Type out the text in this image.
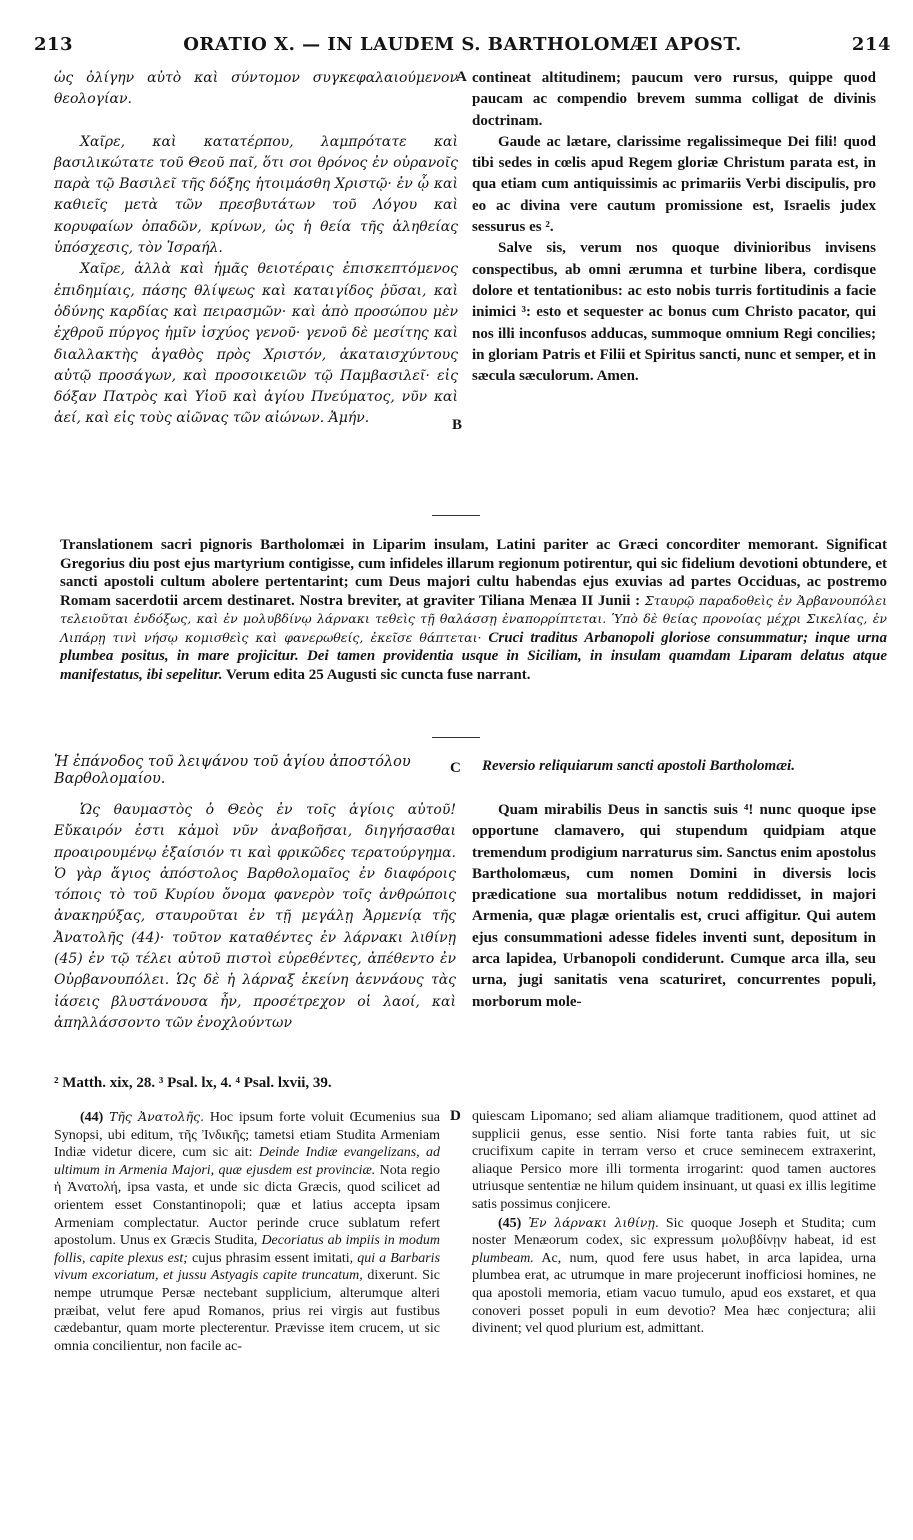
213	ORATIO X. — IN LAUDEM S. BARTHOLOMÆI APOST.	214

ὡς ὀλίγην αὐτὸ καὶ σύντομον συγκεφαλαιούμενον θεολογίαν.

Χαῖρε, καὶ κατατέρπου, λαμπρότατε καὶ βασιλικώτατε τοῦ Θεοῦ παῖ, ὅτι σοι θρόνος ἐν οὐρανοῖς παρὰ τῷ Βασιλεῖ τῆς δόξης ἡτοιμάσθη Χριστῷ· ἐν ᾧ καὶ καθιεῖς μετὰ τῶν πρεσβυτάτων τοῦ Λόγου καὶ κορυφαίων ὀπαδῶν, κρίνων, ὡς ἡ θεία τῆς ἀληθείας ὑπόσχεσις, τὸν Ἰσραήλ.

Χαῖρε, ἀλλὰ καὶ ἡμᾶς θειοτέραις ἐπισκεπτόμενος ἐπιδημίαις, πάσης θλίψεως καὶ καταιγίδος ῥῦσαι, καὶ ὀδύνης καρδίας καὶ πειρασμῶν· καὶ ἀπὸ προσώπου μὲν ἐχθροῦ πύργος ἡμῖν ἰσχύος γενοῦ· γενοῦ δὲ μεσίτης καὶ διαλλακτὴς ἀγαθὸς πρὸς Χριστόν, ἀκαταισχύντους αὐτῷ προσάγων, καὶ προσοικειῶν τῷ Παμβασιλεῖ· εἰς δόξαν Πατρὸς καὶ Υἱοῦ καὶ ἁγίου Πνεύματος, νῦν καὶ ἀεί, καὶ εἰς τοὺς αἰῶνας τῶν αἰώνων. Ἀμήν.

A
B

contineat altitudinem; paucum vero rursus, quippe quod paucam ac compendio brevem summa colligat de divinis doctrinam.

Gaude ac lætare, clarissime regalissimeque Dei fili! quod tibi sedes in cœlis apud Regem gloriæ Christum parata est, in qua etiam cum antiquissimis ac primariis Verbi discipulis, pro eo ac divina vere cautum promissione est, Israelis judex sessurus es ².

Salve sis, verum nos quoque divinioribus invisens conspectibus, ab omni ærumna et turbine libera, cordisque dolore et tentationibus: ac esto nobis turris fortitudinis a facie inimici ³: esto et sequester ac bonus cum Christo pacator, qui nos illi inconfusos adducas, summoque omnium Regi concilies; in gloriam Patris et Filii et Spiritus sancti, nunc et semper, et in sæcula sæculorum. Amen.

Translationem sacri pignoris Bartholomæi in Liparim insulam, Latini pariter ac Græci concorditer memorant. Significat Gregorius diu post ejus martyrium contigisse, cum infideles illarum regionum potirentur, qui sic fidelium devotioni obtundere, et sancti apostoli cultum abolere pertentarint; cum Deus majori cultu habendas ejus exuvias ad partes Occiduas, ac postremo Romam sacerdotii arcem destinaret. Nostra breviter, at graviter Tiliana Menæa II Junii : Σταυρῷ παραδοθεὶς ἐν Ἀρβανουπόλει τελειοῦται ἐνδόξως, καὶ ἐν μολυβδίνῳ λάρνακι τεθεὶς τῇ θαλάσσῃ ἐναπορρίπτεται. Ὑπὸ δὲ θείας προνοίας μέχρι Σικελίας, ἐν Λιπάρῃ τινὶ νήσῳ κομισθεὶς καὶ φανερωθείς, ἐκεῖσε θάπτεται· Cruci traditus Arbanopoli gloriose consummatur; inque urna plumbea positus, in mare projicitur. Dei tamen providentia usque in Siciliam, in insulam quamdam Liparam delatus atque manifestatus, ibi sepelitur. Verum edita 25 Augusti sic cuncta fuse narrant.

Ἡ ἐπάνοδος τοῦ λειψάνου τοῦ ἁγίου ἀποστόλου Βαρθολομαίου.
C Reversio reliquiarum sancti apostoli Bartholomæi.

Ὡς θαυμαστὸς ὁ Θεὸς ἐν τοῖς ἁγίοις αὐτοῦ! Εὔκαιρόν ἐστι κἀμοὶ νῦν ἀναβοῆσαι, διηγήσασθαι προαιρουμένῳ ἐξαίσιόν τι καὶ φρικῶδες τερατούργημα. Ὁ γὰρ ἅγιος ἀπόστολος Βαρθολομαῖος ἐν διαφόροις τόποις τὸ τοῦ Κυρίου ὄνομα φανερὸν τοῖς ἀνθρώποις ἀνακηρύξας, σταυροῦται ἐν τῇ μεγάλῃ Ἀρμενίᾳ τῆς Ἀνατολῆς (44)· τοῦτον καταθέντες ἐν λάρνακι λιθίνῃ (45) ἐν τῷ τέλει αὐτοῦ πιστοὶ εὑρεθέντες, ἀπέθεντο ἐν Οὐρβανουπόλει. Ὡς δὲ ἡ λάρναξ ἐκείνη ἀεννάους τὰς ἰάσεις βλυστάνουσα ἦν, προσέτρεχον οἱ λαοί, καὶ ἀπηλλάσσοντο τῶν ἐνοχλούντων

Quam mirabilis Deus in sanctis suis ⁴! nunc quoque ipse opportune clamavero, qui stupendum quidpiam atque tremendum prodigium narraturus sim. Sanctus enim apostolus Bartholomæus, cum nomen Domini in diversis locis prædicatione sua mortalibus notum reddidisset, in majori Armenia, quæ plagæ orientalis est, cruci affigitur. Qui autem ejus consummationi adesse fideles inventi sunt, depositum in arca lapidea, Urbanopoli condiderunt. Cumque arca illa, seu urna, jugi sanitatis vena scaturiret, concurrentes populi, morborum mole-

² Matth. xix, 28. ³ Psal. lx, 4. ⁴ Psal. lxvii, 39.

(44) Τῆς Ἀνατολῆς. Hoc ipsum forte voluit Œcumenius sua Synopsi, ubi editum, τῆς Ἰνδικῆς; tametsi etiam Studita Armeniam Indiæ videtur dicere, cum sic ait: Deinde Indiæ evangelizans, ad ultimum in Armenia Majori, quæ ejusdem est provinciæ. Nota regio ἡ Ἀνατολή, ipsa vasta, et unde sic dicta Græcis, quod scilicet ad orientem esset Constantinopoli; quæ et latius accepta ipsam Armeniam complectatur. Auctor perinde cruce sublatum refert apostolum. Unus ex Græcis Studita, Decoriatus ab impiis in modum follis, capite plexus est; cujus phrasim essent imitati, qui a Barbaris vivum excoriatum, et jussu Astyagis capite truncatum, dixerunt. Sic nempe utrumque Persæ nectebant supplicium, alterumque alteri præibat, velut fere apud Romanos, prius rei virgis aut fustibus cædebantur, quam morte plecterentur. Prævisse item crucem, ut sic omnia concilientur, non facile ac-

D quiescam Lipomano; sed aliam aliamque traditionem, quod attinet ad supplicii genus, esse sentio. Nisi forte tanta rabies fuit, ut sic crucifixum capite in terram verso et cruce seminecem extraxerint, aliaque Persico more illi tormenta irrogarint: quod tamen auctores utriusque sententiæ ne hilum quidem insinuant, ut quasi ex illis legitime satis possimus conjicere.

(45) Ἐν λάρνακι λιθίνῃ. Sic quoque Joseph et Studita; cum noster Menæorum codex, sic expressum μολυβδίνῃν habeat, id est plumbeam. Ac, num, quod fere usus habet, in arca lapidea, urna plumbea erat, ac utrumque in mare projecerunt inofficiosi homines, ne qua apostoli memoria, etiam vacuo tumulo, apud eos exstaret, et qua conoveri posset populi in eum devotio? Mea hæc conjectura; alii divinent; vel quod plurium est, admittant.
